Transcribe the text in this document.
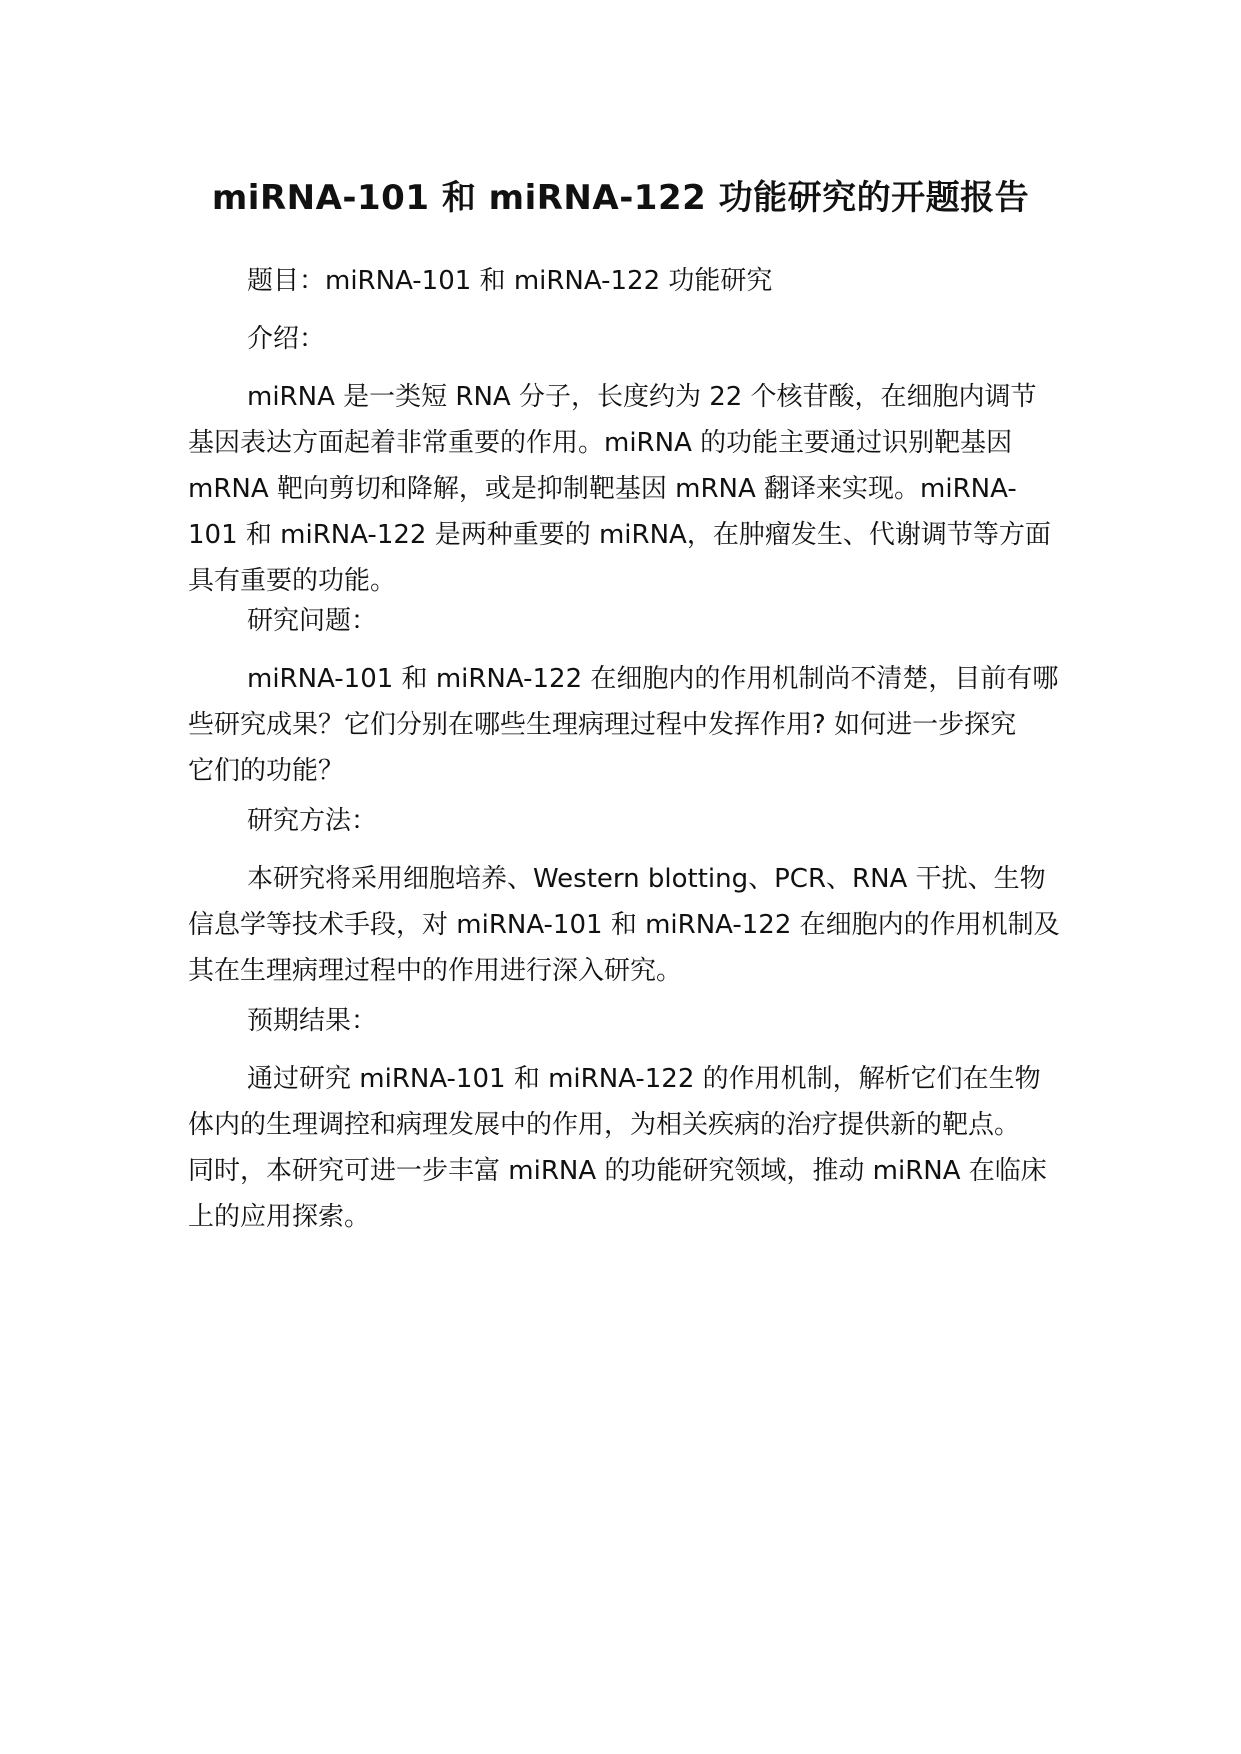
miRNA-101 和 miRNA-122 功能研究的开题报告

题目：miRNA-101 和 miRNA-122 功能研究

介绍：

miRNA 是一类短 RNA 分子，长度约为 22 个核苷酸，在细胞内调节
基因表达方面起着非常重要的作用。miRNA 的功能主要通过识别靶基因
mRNA 靶向剪切和降解，或是抑制靶基因 mRNA 翻译来实现。miRNA-
101 和 miRNA-122 是两种重要的 miRNA，在肿瘤发生、代谢调节等方面
具有重要的功能。

研究问题：

miRNA-101 和 miRNA-122 在细胞内的作用机制尚不清楚，目前有哪
些研究成果？它们分别在哪些生理病理过程中发挥作用? 如何进一步探究
它们的功能？

研究方法：

本研究将采用细胞培养、Western blotting、PCR、RNA 干扰、生物
信息学等技术手段，对 miRNA-101 和 miRNA-122 在细胞内的作用机制及
其在生理病理过程中的作用进行深入研究。

预期结果：

通过研究 miRNA-101 和 miRNA-122 的作用机制，解析它们在生物
体内的生理调控和病理发展中的作用，为相关疾病的治疗提供新的靶点。
同时，本研究可进一步丰富 miRNA 的功能研究领域，推动 miRNA 在临床
上的应用探索。
